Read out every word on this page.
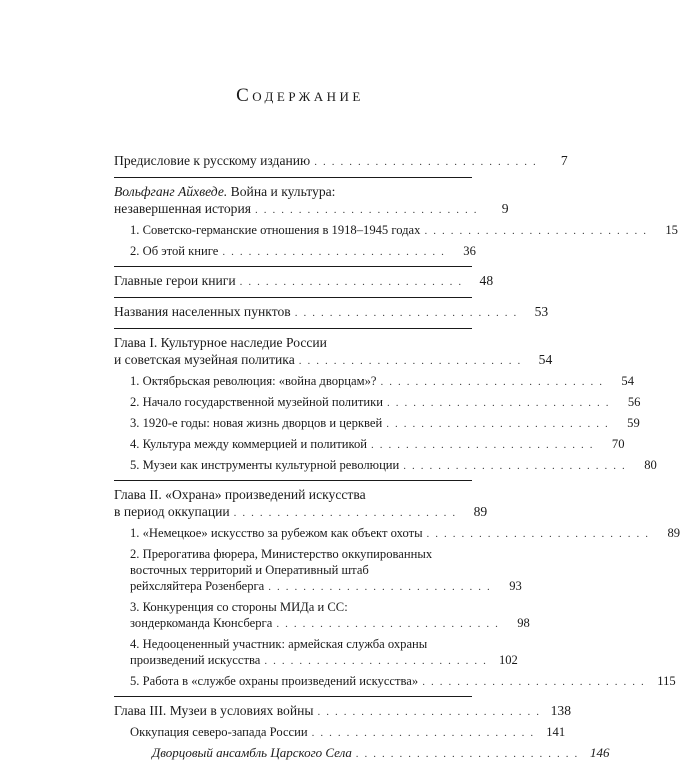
Содержание
Предисловие к русскому изданию ..........................	7
Вольфганг Айхведе. Война и культура:
незавершенная история ..........................	9
1. Советско-германские отношения в 1918–1945 годах ..........................	15
2. Об этой книге ..........................	36
Главные герои книги .......................... 48
Названия населенных пунктов .......................... 53
Глава I. Культурное наследие России
и советская музейная политика .......................... 54
1. Октябрьская революция: «война дворцам»? ..........................	54
2. Начало государственной музейной политики ..........................	56
3. 1920-е годы: новая жизнь дворцов и церквей ..........................	59
4. Культура между коммерцией и политикой ..........................	70
5. Музеи как инструменты культурной революции ..........................	80
Глава II. «Охрана» произведений искусства
в период оккупации .......................... 89
1. «Немецкое» искусство за рубежом как объект охоты ..........................	89
2. Прерогатива фюрера, Министерство оккупированных
восточных территорий и Оперативный штаб
рейхсляйтера Розенберга ..........................	93
3. Конкуренция со стороны МИДа и СС:
зондеркоманда Кюнсберга ..........................	98
4. Недооцененный участник: армейская служба охраны
произведений искусства .......................... 102
5. Работа в «службе охраны произведений искусства» .......................... 115
Глава III. Музеи в условиях войны .......................... 138
Оккупация северо-запада России .......................... 141
Дворцовый ансамбль Царского Села .......................... 146
